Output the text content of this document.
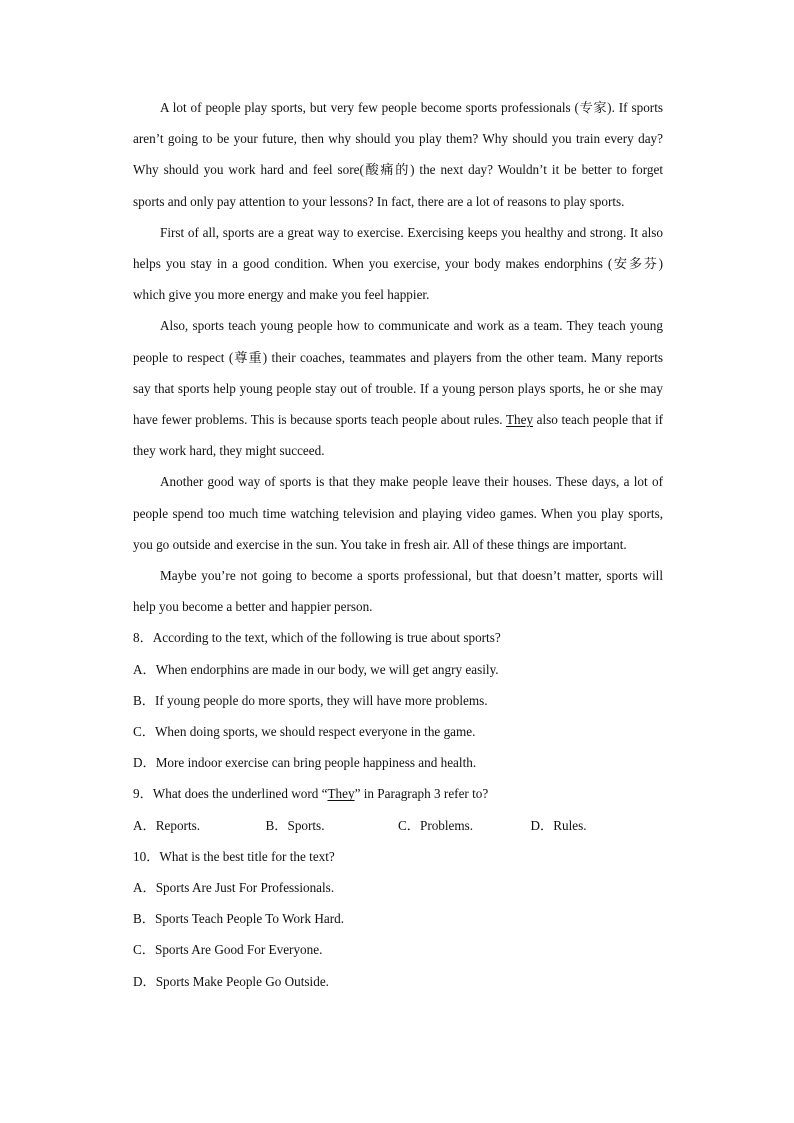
A lot of people play sports, but very few people become sports professionals (专家). If sports aren’t going to be your future, then why should you play them? Why should you train every day? Why should you work hard and feel sore(酸痛的) the next day? Wouldn’t it be better to forget sports and only pay attention to your lessons? In fact, there are a lot of reasons to play sports.

First of all, sports are a great way to exercise. Exercising keeps you healthy and strong. It also helps you stay in a good condition. When you exercise, your body makes endorphins (安多芬) which give you more energy and make you feel happier.

Also, sports teach young people how to communicate and work as a team. They teach young people to respect (尊重) their coaches, teammates and players from the other team. Many reports say that sports help young people stay out of trouble. If a young person plays sports, he or she may have fewer problems. This is because sports teach people about rules. They also teach people that if they work hard, they might succeed.

Another good way of sports is that they make people leave their houses. These days, a lot of people spend too much time watching television and playing video games. When you play sports, you go outside and exercise in the sun. You take in fresh air. All of these things are important.

Maybe you’re not going to become a sports professional, but that doesn’t matter, sports will help you become a better and happier person.

8．According to the text, which of the following is true about sports?
A．When endorphins are made in our body, we will get angry easily.
B．If young people do more sports, they will have more problems.
C．When doing sports, we should respect everyone in the game.
D．More indoor exercise can bring people happiness and health.
9．What does the underlined word “They” in Paragraph 3 refer to?
A．Reports.	B．Sports.	C．Problems.	D．Rules.
10．What is the best title for the text?
A．Sports Are Just For Professionals.
B．Sports Teach People To Work Hard.
C．Sports Are Good For Everyone.
D．Sports Make People Go Outside.
